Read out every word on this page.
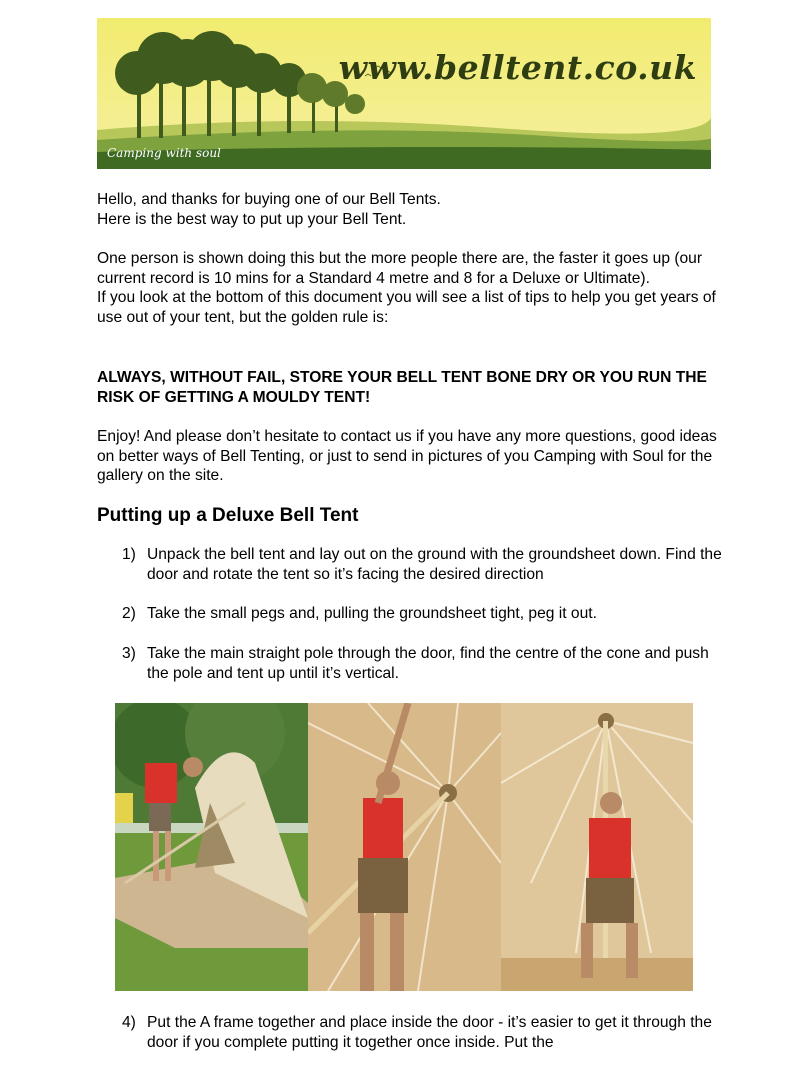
www.belltent.co.uk
Camping with soul

Hello, and thanks for buying one of our Bell Tents.

Here is the best way to put up your Bell Tent.

One person is shown doing this but the more people there are, the faster it goes up (our current record is 10 mins for a Standard 4 metre and 8 for a Deluxe or Ultimate).

If you look at the bottom of this document you will see a list of tips to help you get years of use out of your tent, but the golden rule is:

ALWAYS, WITHOUT FAIL, STORE YOUR BELL TENT BONE DRY OR YOU RUN THE RISK OF GETTING A MOULDY TENT!
Enjoy! And please don’t hesitate to contact us if you have any more questions, good ideas on better ways of Bell Tenting, or just to send in pictures of you Camping with Soul for the gallery on the site.
Putting up a Deluxe Bell Tent
1) Unpack the bell tent and lay out on the ground with the groundsheet down. Find the door and rotate the tent so it’s facing the desired direction
2) Take the small pegs and, pulling the groundsheet tight, peg it out.
3) Take the main straight pole through the door, find the centre of the cone and push the pole and tent up until it’s vertical.
4) Put the A frame together and place inside the door - it’s easier to get it through the door if you complete putting it together once inside. Put the
